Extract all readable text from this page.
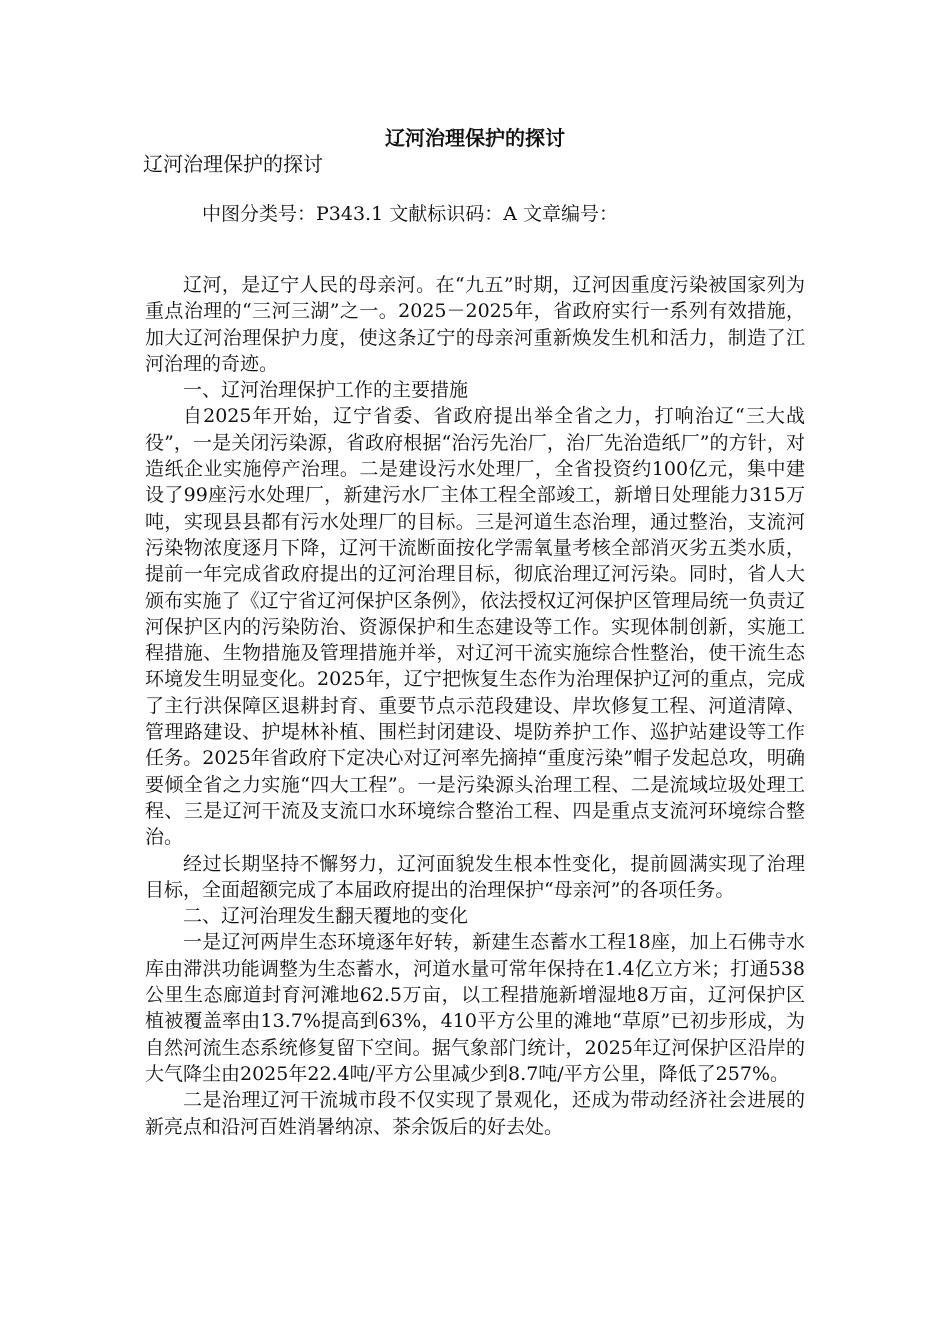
辽河治理保护的探讨

辽河治理保护的探讨

中图分类号：P343.1 文献标识码：A 文章编号：

辽河，是辽宁人民的母亲河。在“九五”时期，辽河因重度污染被国家列为重点治理的“三河三湖”之一。2025－2025年，省政府实行一系列有效措施，加大辽河治理保护力度，使这条辽宁的母亲河重新焕发生机和活力，制造了江河治理的奇迹。

一、辽河治理保护工作的主要措施

自2025年开始，辽宁省委、省政府提出举全省之力，打响治辽“三大战役”，一是关闭污染源，省政府根据“治污先治厂，治厂先治造纸厂”的方针，对造纸企业实施停产治理。二是建设污水处理厂，全省投资约100亿元，集中建设了99座污水处理厂，新建污水厂主体工程全部竣工，新增日处理能力315万吨，实现县县都有污水处理厂的目标。三是河道生态治理，通过整治，支流河污染物浓度逐月下降，辽河干流断面按化学需氧量考核全部消灭劣五类水质，提前一年完成省政府提出的辽河治理目标，彻底治理辽河污染。同时，省人大颁布实施了《辽宁省辽河保护区条例》，依法授权辽河保护区管理局统一负责辽河保护区内的污染防治、资源保护和生态建设等工作。实现体制创新，实施工程措施、生物措施及管理措施并举，对辽河干流实施综合性整治，使干流生态环境发生明显变化。2025年，辽宁把恢复生态作为治理保护辽河的重点，完成了主行洪保障区退耕封育、重要节点示范段建设、岸坎修复工程、河道清障、管理路建设、护堤林补植、围栏封闭建设、堤防养护工作、巡护站建设等工作任务。2025年省政府下定决心对辽河率先摘掉“重度污染”帽子发起总攻，明确要倾全省之力实施“四大工程”。一是污染源头治理工程、二是流域垃圾处理工程、三是辽河干流及支流口水环境综合整治工程、四是重点支流河环境综合整治。

经过长期坚持不懈努力，辽河面貌发生根本性变化，提前圆满实现了治理目标，全面超额完成了本届政府提出的治理保护“母亲河”的各项任务。

二、辽河治理发生翻天覆地的变化

一是辽河两岸生态环境逐年好转，新建生态蓄水工程18座，加上石佛寺水库由滞洪功能调整为生态蓄水，河道水量可常年保持在1.4亿立方米；打通538公里生态廊道封育河滩地62.5万亩，以工程措施新增湿地8万亩，辽河保护区植被覆盖率由13.7%提高到63%，410平方公里的滩地“草原”已初步形成，为自然河流生态系统修复留下空间。据气象部门统计，2025年辽河保护区沿岸的大气降尘由2025年22.4吨/平方公里减少到8.7吨/平方公里，降低了257%。

二是治理辽河干流城市段不仅实现了景观化，还成为带动经济社会进展的新亮点和沿河百姓消暑纳凉、茶余饭后的好去处。
